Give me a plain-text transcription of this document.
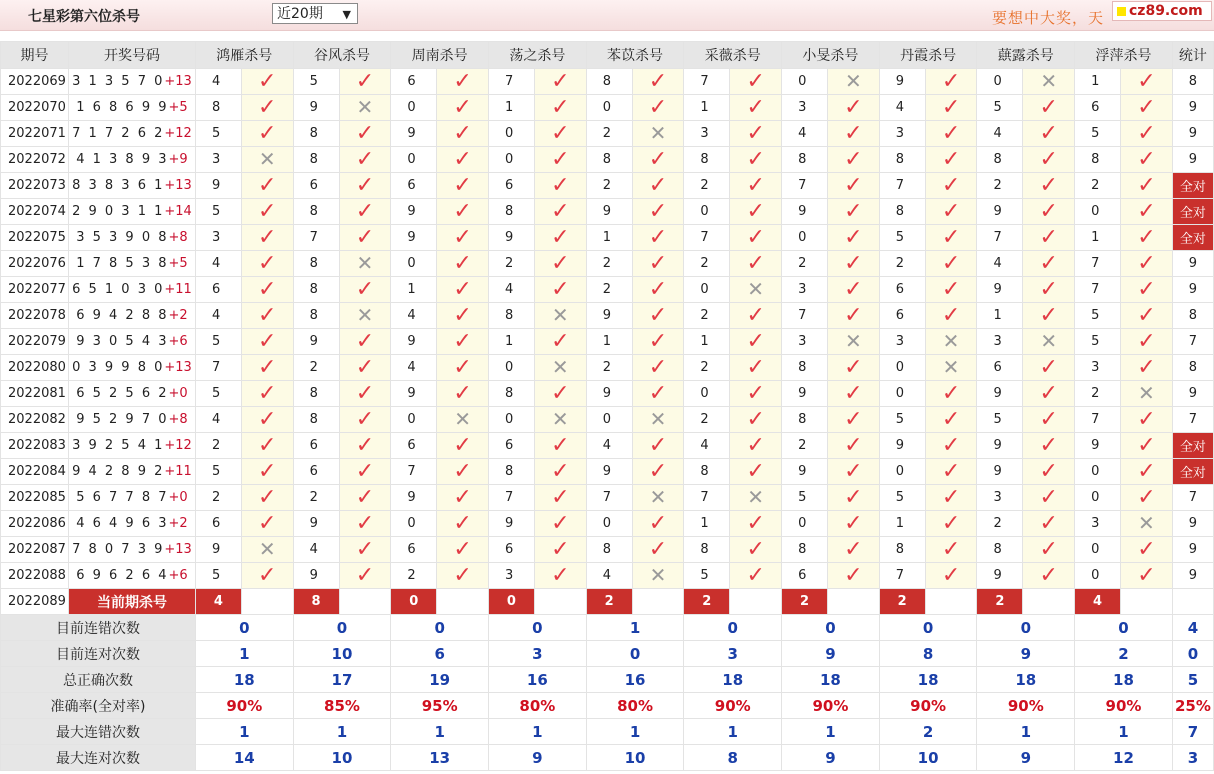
七星彩第六位杀号	近20期 ▼	要想中大奖，天	cz89.com
期号	开奖号码	鸿雁杀号		谷风杀号		周南杀号		荡之杀号		苯苡杀号		采薇杀号		小旻杀号		丹霞杀号		蕻露杀号		浮萍杀号		统计
2022069	3 1 3 5 7 0+13	4	✓	5	✓	6	✓	7	✓	8	✓	7	✓	0	✕	9	✓	0	✕	1	✓	8
2022070	1 6 8 6 9 9+5	8	✓	9	✕	0	✓	1	✓	0	✓	1	✓	3	✓	4	✓	5	✓	6	✓	9
2022071	7 1 7 2 6 2+12	5	✓	8	✓	9	✓	0	✓	2	✕	3	✓	4	✓	3	✓	4	✓	5	✓	9
2022072	4 1 3 8 9 3+9	3	✕	8	✓	0	✓	0	✓	8	✓	8	✓	8	✓	8	✓	8	✓	8	✓	9
2022073	8 3 8 3 6 1+13	9	✓	6	✓	6	✓	6	✓	2	✓	2	✓	7	✓	7	✓	2	✓	2	✓	全对
2022074	2 9 0 3 1 1+14	5	✓	8	✓	9	✓	8	✓	9	✓	0	✓	9	✓	8	✓	9	✓	0	✓	全对
2022075	3 5 3 9 0 8+8	3	✓	7	✓	9	✓	9	✓	1	✓	7	✓	0	✓	5	✓	7	✓	1	✓	全对
2022076	1 7 8 5 3 8+5	4	✓	8	✕	0	✓	2	✓	2	✓	2	✓	2	✓	2	✓	4	✓	7	✓	9
2022077	6 5 1 0 3 0+11	6	✓	8	✓	1	✓	4	✓	2	✓	0	✕	3	✓	6	✓	9	✓	7	✓	9
2022078	6 9 4 2 8 8+2	4	✓	8	✕	4	✓	8	✕	9	✓	2	✓	7	✓	6	✓	1	✓	5	✓	8
2022079	9 3 0 5 4 3+6	5	✓	9	✓	9	✓	1	✓	1	✓	1	✓	3	✕	3	✕	3	✕	5	✓	7
2022080	0 3 9 9 8 0+13	7	✓	2	✓	4	✓	0	✕	2	✓	2	✓	8	✓	0	✕	6	✓	3	✓	8
2022081	6 5 2 5 6 2+0	5	✓	8	✓	9	✓	8	✓	9	✓	0	✓	9	✓	0	✓	9	✓	2	✕	9
2022082	9 5 2 9 7 0+8	4	✓	8	✓	0	✕	0	✕	0	✕	2	✓	8	✓	5	✓	5	✓	7	✓	7
2022083	3 9 2 5 4 1+12	2	✓	6	✓	6	✓	6	✓	4	✓	4	✓	2	✓	9	✓	9	✓	9	✓	全对
2022084	9 4 2 8 9 2+11	5	✓	6	✓	7	✓	8	✓	9	✓	8	✓	9	✓	0	✓	9	✓	0	✓	全对
2022085	5 6 7 7 8 7+0	2	✓	2	✓	9	✓	7	✓	7	✕	7	✕	5	✓	5	✓	3	✓	0	✓	7
2022086	4 6 4 9 6 3+2	6	✓	9	✓	0	✓	9	✓	0	✓	1	✓	0	✓	1	✓	2	✓	3	✕	9
2022087	7 8 0 7 3 9+13	9	✕	4	✓	6	✓	6	✓	8	✓	8	✓	8	✓	8	✓	8	✓	0	✓	9
2022088	6 9 6 2 6 4+6	5	✓	9	✓	2	✓	3	✓	4	✕	5	✓	6	✓	7	✓	9	✓	0	✓	9
2022089	当前期杀号	4		8		0		0		2		2		2		2		2		4		
目前连错次数		0		0		0		0		1		0		0		0		0		0		4
目前连对次数		1		10		6		3		0		3		9		8		9		2		0
总正确次数		18		17		19		16		16		18		18		18		18		18		5
准确率(全对率)		90%		85%		95%		80%		80%		90%		90%		90%		90%		90%		25%
最大连错次数		1		1		1		1		1		1		1		2		1		1		7
最大连对次数		14		10		13		9		10		8		9		10		9		12		3
